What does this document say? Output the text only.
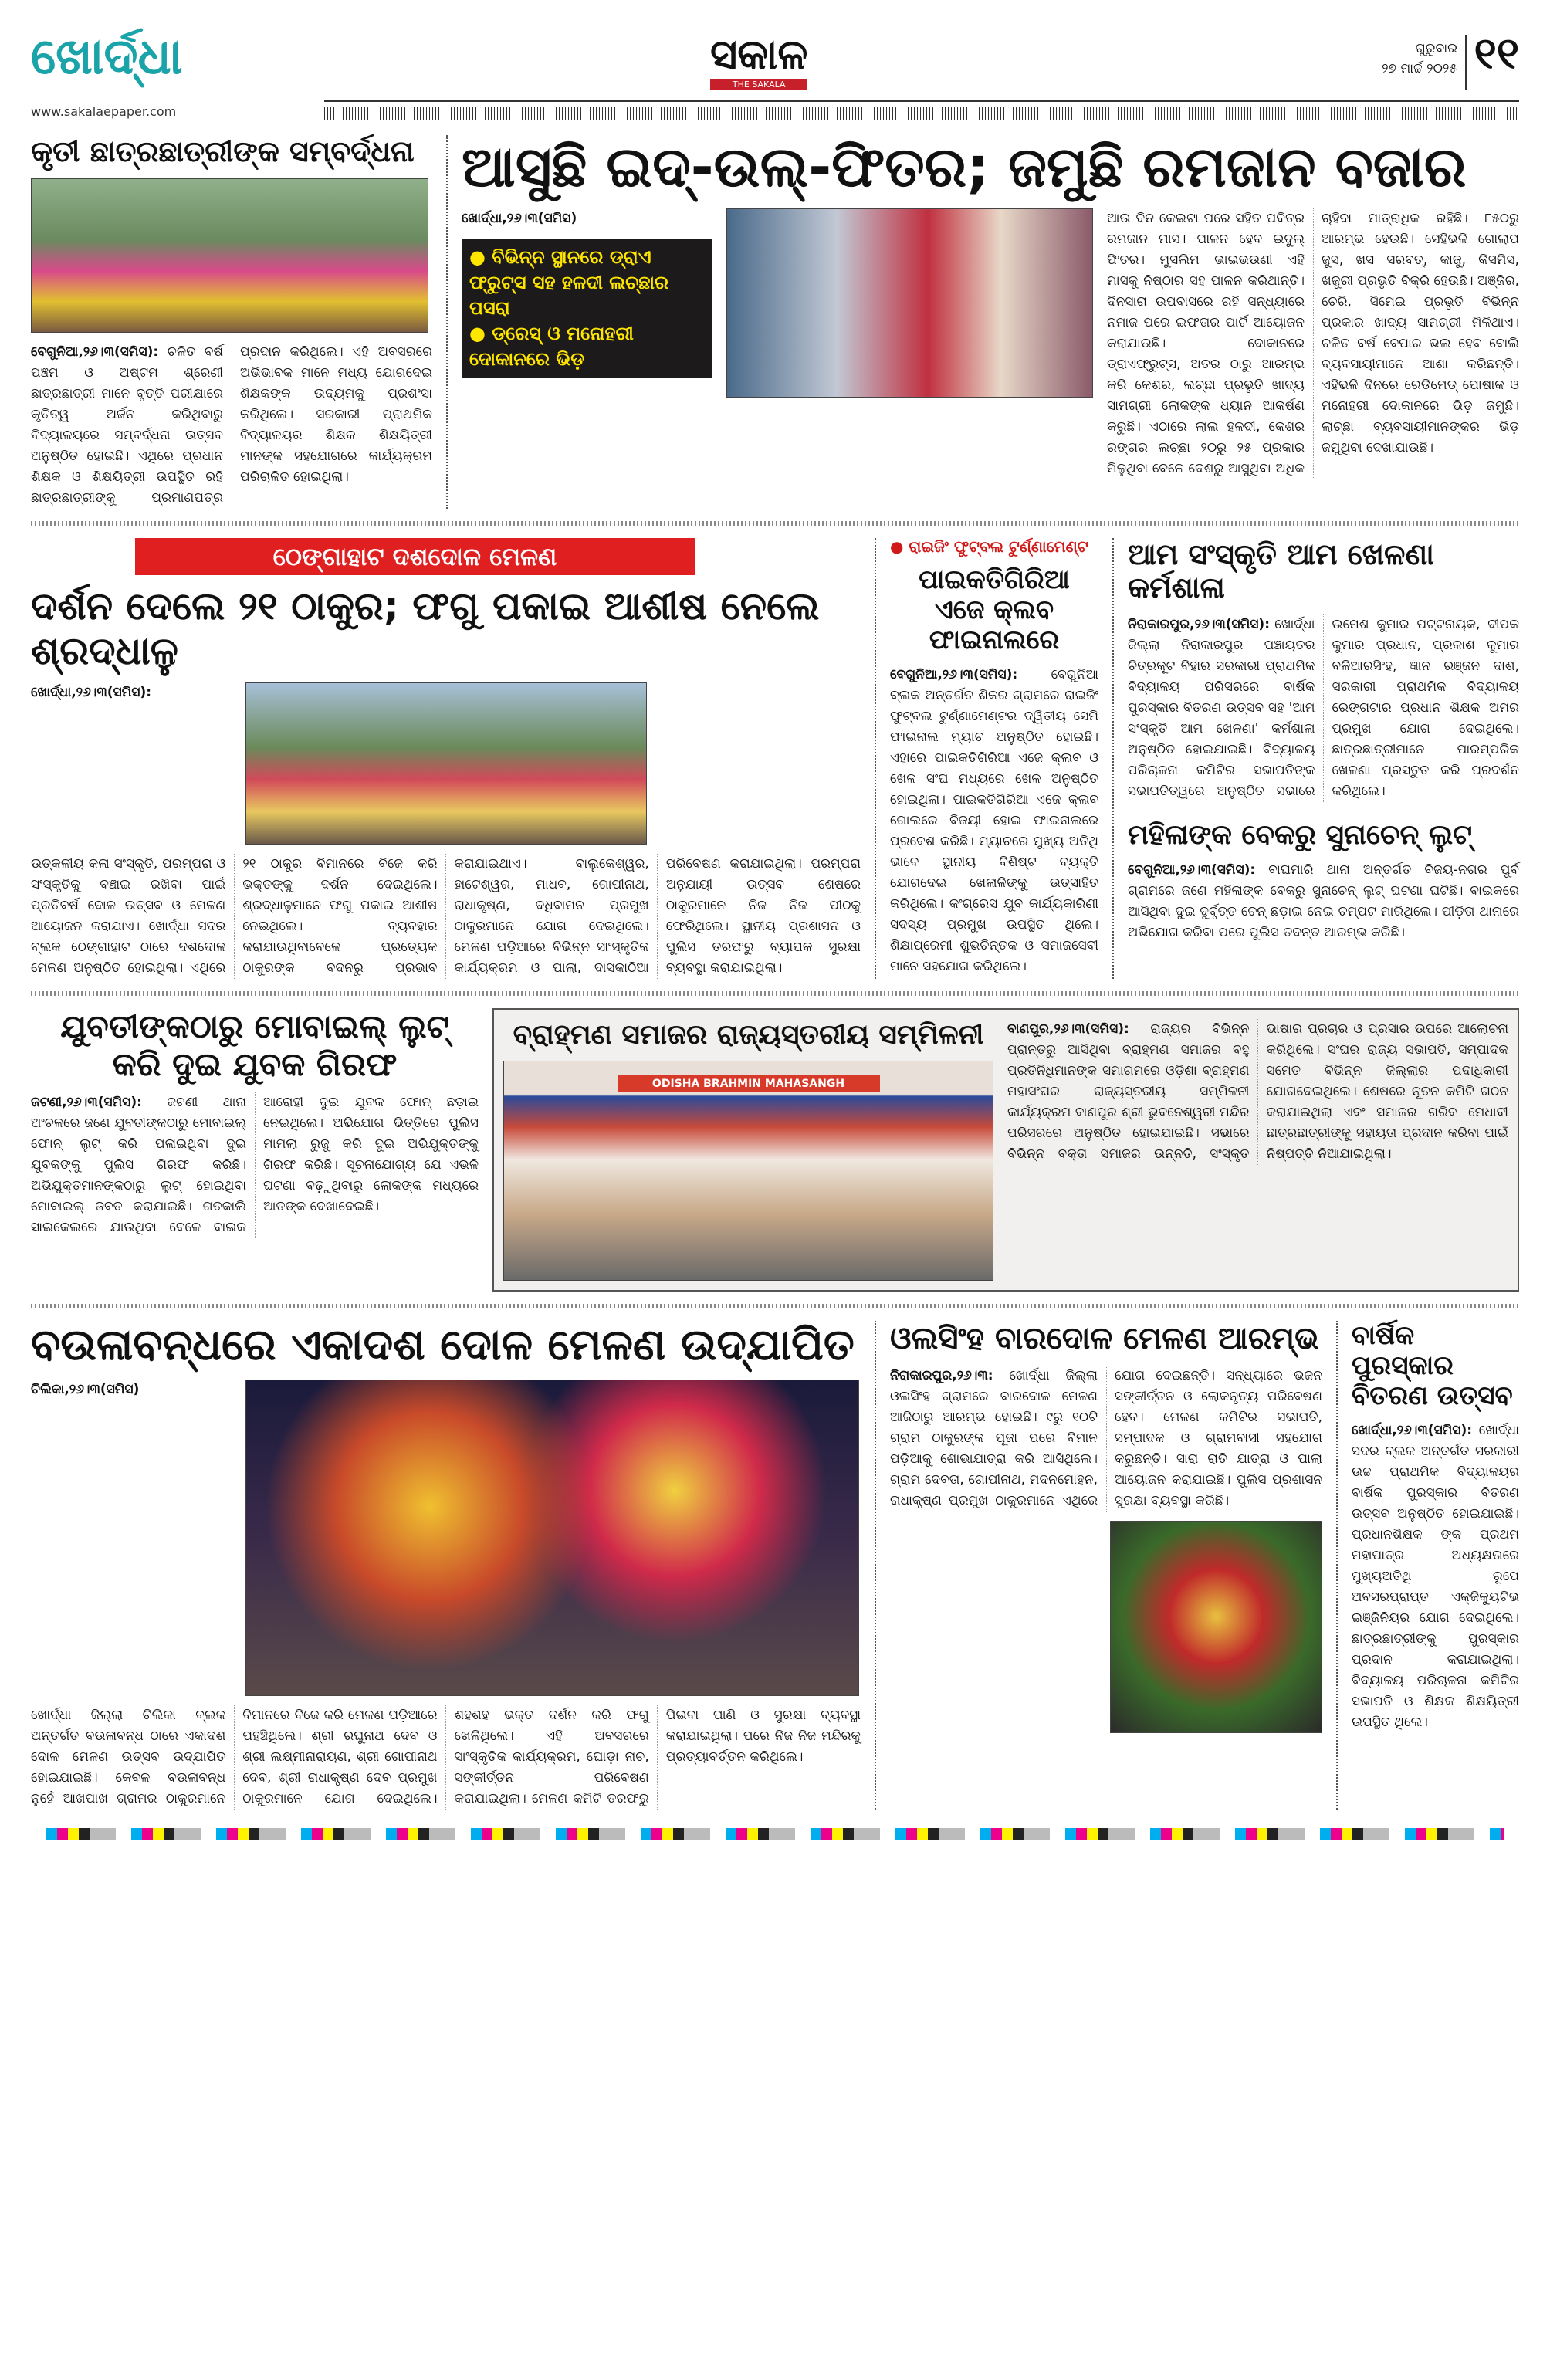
ଖୋର୍ଦ୍ଧା	ସକାଳ
THE SAKALA
ଗୁରୁବାର
୨୭ ମାର୍ଚ୍ଚ ୨୦୨୫ ୧୧
www.sakalaepaper.com
କୃତୀ ଛାତ୍ରଛାତ୍ରୀଙ୍କ ସମ୍ବର୍ଦ୍ଧନା
ବେଗୁନିଆ,୨୬।୩(ସମିସ): ଚଳିତ ବର୍ଷ ପଞ୍ଚମ ଓ ଅଷ୍ଟମ ଶ୍ରେଣୀ ଛାତ୍ରଛାତ୍ରୀ ମାନେ ବୃତ୍ତି ପରୀକ୍ଷାରେ କୃତିତ୍ୱ ଅର୍ଜନ କରିଥିବାରୁ ବିଦ୍ୟାଳୟରେ ସମ୍ବର୍ଦ୍ଧନା ଉତ୍ସବ ଅନୁଷ୍ଠିତ ହୋଇଛି। ଏଥିରେ ପ୍ରଧାନ ଶିକ୍ଷକ ଓ ଶିକ୍ଷୟିତ୍ରୀ ଉପସ୍ଥିତ ରହି ଛାତ୍ରଛାତ୍ରୀଙ୍କୁ ପ୍ରମାଣପତ୍ର ପ୍ରଦାନ କରିଥିଲେ। ଏହି ଅବସରରେ ଅଭିଭାବକ ମାନେ ମଧ୍ୟ ଯୋଗଦେଇ ଶିକ୍ଷକଙ୍କ ଉଦ୍ୟମକୁ ପ୍ରଶଂସା କରିଥିଲେ। ସରକାରୀ ପ୍ରାଥମିକ ବିଦ୍ୟାଳୟର ଶିକ୍ଷକ ଶିକ୍ଷୟିତ୍ରୀ ମାନଙ୍କ ସହଯୋଗରେ କାର୍ଯ୍ୟକ୍ରମ ପରିଚାଳିତ ହୋଇଥିଲା।
ଆସୁଛି ଇଦ୍-ଉଲ୍-ଫିତର; ଜମୁଛି ରମଜାନ ବଜାର
ଖୋର୍ଦ୍ଧା,୨୬।୩(ସମିସ)
● ବିଭିନ୍ନ ସ୍ଥାନରେ ଡ୍ରାଏ ଫ୍ରୁଟ୍ସ ସହ ହଳଦୀ ଲଚ୍ଛାର ପସରା
● ଡ୍ରେସ୍ ଓ ମନୋହରୀ ଦୋକାନରେ ଭିଡ଼
ଆଉ ଦିନ କେଇଟା ପରେ ସହିତ ପବିତ୍ର ରମଜାନ ମାସ। ପାଳନ ହେବ ଇଦୁଲ୍ ଫିତର। ମୁସଲିମ ଭାଇଭଉଣୀ ଏହି ମାସକୁ ନିଷ୍ଠାର ସହ ପାଳନ କରିଥାନ୍ତି। ଦିନସାରା ଉପବାସରେ ରହି ସନ୍ଧ୍ୟାରେ ନମାଜ ପରେ ଇଫତାର ପାର୍ଟି ଆୟୋଜନ କରାଯାଉଛି। ଦୋକାନରେ ଡ୍ରାଏଫ୍ରୁଟ୍ସ, ଅତର ଠାରୁ ଆରମ୍ଭ କରି କେଶର, ଲଚ୍ଛା ପ୍ରଭୃତି ଖାଦ୍ୟ ସାମଗ୍ରୀ ଲୋକଙ୍କ ଧ୍ୟାନ ଆକର୍ଷଣ କରୁଛି। ଏଠାରେ ଲାଲ ହଳଦୀ, କେଶର ରଙ୍ଗର ଲଚ୍ଛା ୨୦ରୁ ୨୫ ପ୍ରକାର ମିଳୁଥିବା ବେଳେ ଦେଶରୁ ଆସୁଥିବା ଅଧିକ ଚାହିଦା ମାତ୍ରାଧିକ ରହିଛି। ୮୫୦ରୁ ଆରମ୍ଭ ହେଉଛି। ସେହିଭଳି ଗୋଲାପ ଜୁସ, ଖସ ସରବତ୍, କାଜୁ, କିସମିସ, ଖଜୁରୀ ପ୍ରଭୃତି ବିକ୍ରି ହେଉଛି। ଅଞ୍ଜିର, ଚେରି, ସିମେଇ ପ୍ରଭୃତି ବିଭିନ୍ନ ପ୍ରକାର ଖାଦ୍ୟ ସାମଗ୍ରୀ ମିଳିଥାଏ। ଚଳିତ ବର୍ଷ ବେପାର ଭଲ ହେବ ବୋଲି ବ୍ୟବସାୟୀମାନେ ଆଶା କରିଛନ୍ତି। ଏହିଭଳି ଦିନରେ ରେଡିମେଡ୍ ପୋଷାକ ଓ ମନୋହରୀ ଦୋକାନରେ ଭିଡ଼ ଜମୁଛି। ଲାଚ୍ଛା ବ୍ୟବସାୟୀମାନଙ୍କର ଭିଡ଼ ଜମୁଥିବା ଦେଖାଯାଉଛି।
ଠେଙ୍ଗାହାଟ ଦଶଦୋଳ ମେଳଣ
ଦର୍ଶନ ଦେଲେ ୨୧ ଠାକୁର; ଫଗୁ ପକାଇ ଆଶୀଷ ନେଲେ ଶ୍ରଦ୍ଧାଳୁ
ଖୋର୍ଦ୍ଧା,୨୬।୩(ସମିସ):
ଉତ୍କଳୀୟ କଳା ସଂସ୍କୃତି, ପରମ୍ପରା ଓ ସଂସ୍କୃତିକୁ ବଞ୍ଚାଇ ରଖିବା ପାଇଁ ପ୍ରତିବର୍ଷ ଦୋଳ ଉତ୍ସବ ଓ ମେଳଣ ଆୟୋଜନ କରାଯାଏ। ଖୋର୍ଦ୍ଧା ସଦର ବ୍ଲକ ଠେଙ୍ଗାହାଟ ଠାରେ ଦଶଦୋଳ ମେଳଣ ଅନୁଷ୍ଠିତ ହୋଇଥିଲା। ଏଥିରେ ୨୧ ଠାକୁର ବିମାନରେ ବିଜେ କରି ଭକ୍ତଙ୍କୁ ଦର୍ଶନ ଦେଇଥିଲେ। ଶ୍ରଦ୍ଧାଳୁମାନେ ଫଗୁ ପକାଇ ଆଶୀଷ ନେଇଥିଲେ। ବ୍ୟବହାର କରାଯାଉଥିବାବେଳେ ପ୍ରତ୍ୟେକ ଠାକୁରଙ୍କ ବଦନରୁ ପ୍ରଭାବ କରାଯାଇଥାଏ। ବାଲୁକେଶ୍ୱର, ହାଟେଶ୍ୱର, ମାଧବ, ଗୋପୀନାଥ, ରାଧାକୃଷ୍ଣ, ଦଧିବାମନ ପ୍ରମୁଖ ଠାକୁରମାନେ ଯୋଗ ଦେଇଥିଲେ। ମେଳଣ ପଡ଼ିଆରେ ବିଭିନ୍ନ ସାଂସ୍କୃତିକ କାର୍ଯ୍ୟକ୍ରମ ଓ ପାଲା, ଦାସକାଠିଆ ପରିବେଷଣ କରାଯାଇଥିଲା। ପରମ୍ପରା ଅନୁଯାୟୀ ଉତ୍ସବ ଶେଷରେ ଠାକୁରମାନେ ନିଜ ନିଜ ପୀଠକୁ ଫେରିଥିଲେ। ସ୍ଥାନୀୟ ପ୍ରଶାସନ ଓ ପୁଲିସ ତରଫରୁ ବ୍ୟାପକ ସୁରକ୍ଷା ବ୍ୟବସ୍ଥା କରାଯାଇଥିଲା।
● ରାଇଜିଂ ଫୁଟ୍‌ବଲ ଟୁର୍ଣ୍ଣାମେଣ୍ଟ
ପାଇକତିଗିରିଆ ଏଜେ କ୍ଲବ ଫାଇନାଲରେ
ବେଗୁନିଆ,୨୬।୩(ସମିସ):	ବେଗୁନିଆ ବ୍ଲକ ଅନ୍ତର୍ଗତ ଶିକର ଗ୍ରାମରେ ରାଇଜିଂ ଫୁଟ୍‌ବଲ ଟୁର୍ଣ୍ଣାମେଣ୍ଟର ଦ୍ୱିତୀୟ ସେମି ଫାଇନାଲ ମ୍ୟାଚ ଅନୁଷ୍ଠିତ ହୋଇଛି। ଏହାରେ ପାଇକତିଗିରିଆ ଏଜେ କ୍ଲବ ଓ ଖେଳ ସଂଘ ମଧ୍ୟରେ ଖେଳ ଅନୁଷ୍ଠିତ ହୋଇଥିଲା। ପାଇକତିଗିରିଆ ଏଜେ କ୍ଲବ ଗୋଲରେ ବିଜୟୀ ହୋଇ ଫାଇନାଲରେ ପ୍ରବେଶ କରିଛି। ମ୍ୟାଚରେ ମୁଖ୍ୟ ଅତିଥି ଭାବେ ସ୍ଥାନୀୟ ବିଶିଷ୍ଟ ବ୍ୟକ୍ତି ଯୋଗଦେଇ ଖେଳାଳିଙ୍କୁ ଉତ୍ସାହିତ କରିଥିଲେ। କଂଗ୍ରେସ ଯୁବ କାର୍ଯ୍ୟକାରିଣୀ ସଦସ୍ୟ ପ୍ରମୁଖ ଉପସ୍ଥିତ ଥିଲେ। ଶିକ୍ଷାପ୍ରେମୀ ଶୁଭଚିନ୍ତକ ଓ ସମାଜସେବୀ ମାନେ ସହଯୋଗ କରିଥିଲେ।
ଆମ ସଂସ୍କୃତି ଆମ ଖେଳଣା କର୍ମଶାଳା
ନିରାକାରପୁର,୨୬।୩(ସମିସ): ଖୋର୍ଦ୍ଧା ଜିଲ୍ଲା ନିରାକାରପୁର ପଞ୍ଚାୟତର ଚିତ୍ରକୂଟ ବିହାର ସରକାରୀ ପ୍ରାଥମିକ ବିଦ୍ୟାଳୟ ପରିସରରେ ବାର୍ଷିକ ପୁରସ୍କାର ବିତରଣ ଉତ୍ସବ ସହ 'ଆମ ସଂସ୍କୃତି ଆମ ଖେଳଣା' କର୍ମଶାଳା ଅନୁଷ୍ଠିତ ହୋଇଯାଇଛି। ବିଦ୍ୟାଳୟ ପରିଚାଳନା କମିଟିର ସଭାପତିଙ୍କ ସଭାପତିତ୍ୱରେ ଅନୁଷ୍ଠିତ ସଭାରେ ଉମେଶ କୁମାର ପଟ୍ଟନାୟକ, ଦୀପକ କୁମାର ପ୍ରଧାନ, ପ୍ରକାଶ କୁମାର ବଳିଆରସିଂହ, ଜ୍ଞାନ ରଞ୍ଜନ ଦାଶ, ସରକାରୀ ପ୍ରାଥମିକ ବିଦ୍ୟାଳୟ ରେଙ୍ଗଟାର ପ୍ରଧାନ ଶିକ୍ଷକ ଅମର ପ୍ରମୁଖ ଯୋଗ ଦେଇଥିଲେ। ଛାତ୍ରଛାତ୍ରୀମାନେ ପାରମ୍ପରିକ ଖେଳଣା ପ୍ରସ୍ତୁତ କରି ପ୍ରଦର୍ଶନ କରିଥିଲେ।
ମହିଳାଙ୍କ ବେକରୁ ସୁନାଚେନ୍ ଲୁଟ୍
ବେଗୁନିଆ,୨୬।୩(ସମିସ): ବାଘମାରି ଥାନା ଅନ୍ତର୍ଗତ ବିଜୟ-ନଗର ପୁର୍ବ ଗ୍ରାମରେ ଜଣେ ମହିଳାଙ୍କ ବେକରୁ ସୁନାଚେନ୍ ଲୁଟ୍ ଘଟଣା ଘଟିଛି। ବାଇକରେ ଆସିଥିବା ଦୁଇ ଦୁର୍ବୃତ୍ତ ଚେନ୍ ଛଡ଼ାଇ ନେଇ ଚମ୍ପଟ ମାରିଥିଲେ। ପୀଡ଼ିତା ଥାନାରେ ଅଭିଯୋଗ କରିବା ପରେ ପୁଲିସ ତଦନ୍ତ ଆରମ୍ଭ କରିଛି।
ଯୁବତୀଙ୍କଠାରୁ ମୋବାଇଲ୍ ଲୁଟ୍ କରି ଦୁଇ ଯୁବକ ଗିରଫ
ଜଟଣୀ,୨୬।୩(ସମିସ): ଜଟଣୀ ଥାନା ଅଂଚଳରେ ଜଣେ ଯୁବତୀଙ୍କଠାରୁ ମୋବାଇଲ୍ ଫୋନ୍ ଲୁଟ୍ କରି ପଳାଇଥିବା ଦୁଇ ଯୁବକଙ୍କୁ ପୁଲିସ ଗିରଫ କରିଛି। ଅଭିଯୁକ୍ତମାନଙ୍କଠାରୁ ଲୁଟ୍ ହୋଇଥିବା ମୋବାଇଲ୍ ଜବତ କରାଯାଇଛି। ଗତକାଲି ସାଇକେଲରେ ଯାଉଥିବା ବେଳେ ବାଇକ ଆରୋହୀ ଦୁଇ ଯୁବକ ଫୋନ୍ ଛଡ଼ାଇ ନେଇଥିଲେ। ଅଭିଯୋଗ ଭିତ୍ତିରେ ପୁଲିସ ମାମଲା ରୁଜୁ କରି ଦୁଇ ଅଭିଯୁକ୍ତଙ୍କୁ ଗିରଫ କରିଛି। ସୂଚନାଯୋଗ୍ୟ ଯେ ଏଭଳି ଘଟଣା ବଢ଼ୁଥିବାରୁ ଲୋକଙ୍କ ମଧ୍ୟରେ ଆତଙ୍କ ଦେଖାଦେଇଛି।
ବ୍ରାହ୍ମଣ ସମାଜର ରାଜ୍ୟସ୍ତରୀୟ ସମ୍ମିଳନୀ
ODISHA BRAHMIN MAHASANGH
ବାଣପୁର,୨୬।୩(ସମିସ): ରାଜ୍ୟର ବିଭିନ୍ନ ପ୍ରାନ୍ତରୁ ଆସିଥିବା ବ୍ରାହ୍ମଣ ସମାଜର ବହୁ ପ୍ରତିନିଧିମାନଙ୍କ ସମାଗମରେ ଓଡ଼ିଶା ବ୍ରାହ୍ମଣ ମହାସଂଘର ରାଜ୍ୟସ୍ତରୀୟ ସମ୍ମିଳନୀ କାର୍ଯ୍ୟକ୍ରମ ବାଣପୁର ଶ୍ରୀ ଭୁବନେଶ୍ୱରୀ ମନ୍ଦିର ପରିସରରେ ଅନୁଷ୍ଠିତ ହୋଇଯାଇଛି। ସଭାରେ ବିଭିନ୍ନ ବକ୍ତା ସମାଜର ଉନ୍ନତି, ସଂସ୍କୃତ ଭାଷାର ପ୍ରଚାର ଓ ପ୍ରସାର ଉପରେ ଆଲୋଚନା କରିଥିଲେ। ସଂଘର ରାଜ୍ୟ ସଭାପତି, ସମ୍ପାଦକ ସମେତ ବିଭିନ୍ନ ଜିଲ୍ଲାର ପଦାଧିକାରୀ ଯୋଗଦେଇଥିଲେ। ଶେଷରେ ନୂତନ କମିଟି ଗଠନ କରାଯାଇଥିଲା ଏବଂ ସମାଜର ଗରିବ ମେଧାବୀ ଛାତ୍ରଛାତ୍ରୀଙ୍କୁ ସହାୟତା ପ୍ରଦାନ କରିବା ପାଇଁ ନିଷ୍ପତ୍ତି ନିଆଯାଇଥିଲା।
ବଉଳାବନ୍ଧରେ ଏକାଦଶ ଦୋଳ ମେଳଣ ଉଦ୍‌ଯାପିତ
ଚିଲିକା,୨୬।୩(ସମିସ)
ଖୋର୍ଦ୍ଧା ଜିଲ୍ଲା ଚିଲିକା ବ୍ଲକ ଅନ୍ତର୍ଗତ ବଉଳାବନ୍ଧ ଠାରେ ଏକାଦଶ ଦୋଳ ମେଳଣ ଉତ୍ସବ ଉଦ୍‌ଯାପିତ ହୋଇଯାଇଛି। କେବଳ ବଉଳାବନ୍ଧ ନୁହେଁ ଆଖପାଖ ଗ୍ରାମର ଠାକୁରମାନେ ବିମାନରେ ବିଜେ କରି ମେଳଣ ପଡ଼ିଆରେ ପହଞ୍ଚିଥିଲେ। ଶ୍ରୀ ରଘୁନାଥ ଦେବ ଓ ଶ୍ରୀ ଲକ୍ଷ୍ମୀନାରାୟଣ, ଶ୍ରୀ ଗୋପୀନାଥ ଦେବ, ଶ୍ରୀ ରାଧାକୃଷ୍ଣ ଦେବ ପ୍ରମୁଖ ଠାକୁରମାନେ ଯୋଗ ଦେଇଥିଲେ। ଶହଶହ ଭକ୍ତ ଦର୍ଶନ କରି ଫଗୁ ଖେଳିଥିଲେ। ଏହି ଅବସରରେ ସାଂସ୍କୃତିକ କାର୍ଯ୍ୟକ୍ରମ, ଘୋଡ଼ା ନାଚ, ସଙ୍କୀର୍ତ୍ତନ ପରିବେଷଣ କରାଯାଇଥିଲା। ମେଳଣ କମିଟି ତରଫରୁ ପିଇବା ପାଣି ଓ ସୁରକ୍ଷା ବ୍ୟବସ୍ଥା କରାଯାଇଥିଲା। ପରେ ନିଜ ନିଜ ମନ୍ଦିରକୁ ପ୍ରତ୍ୟାବର୍ତ୍ତନ କରିଥିଲେ।
ଓଲସିଂହ ବାରଦୋଳ ମେଳଣ ଆରମ୍ଭ
ନିରାକାରପୁର,୨୬।୩: ଖୋର୍ଦ୍ଧା ଜିଲ୍ଲା ଓଲସିଂହ ଗ୍ରାମରେ ବାରଦୋଳ ମେଳଣ ଆଜିଠାରୁ ଆରମ୍ଭ ହୋଇଛି। ୯ରୁ ୧୦ଟି ଗ୍ରାମ ଠାକୁରଙ୍କ ପୂଜା ପରେ ବିମାନ ପଡ଼ିଆକୁ ଶୋଭାଯାତ୍ରା କରି ଆସିଥିଲେ। ଗ୍ରାମ ଦେବତା, ଗୋପୀନାଥ, ମଦନମୋହନ, ରାଧାକୃଷ୍ଣ ପ୍ରମୁଖ ଠାକୁରମାନେ ଏଥିରେ ଯୋଗ ଦେଇଛନ୍ତି। ସନ୍ଧ୍ୟାରେ ଭଜନ ସଙ୍କୀର୍ତ୍ତନ ଓ ଲୋକନୃତ୍ୟ ପରିବେଷଣ ହେବ। ମେଳଣ କମିଟିର ସଭାପତି, ସମ୍ପାଦକ ଓ ଗ୍ରାମବାସୀ ସହଯୋଗ କରୁଛନ୍ତି। ସାରା ରାତି ଯାତ୍ରା ଓ ପାଲା ଆୟୋଜନ କରାଯାଇଛି। ପୁଲିସ ପ୍ରଶାସନ ସୁରକ୍ଷା ବ୍ୟବସ୍ଥା କରିଛି।
ବାର୍ଷିକ ପୁରସ୍କାର ବିତରଣ ଉତ୍ସବ
ଖୋର୍ଦ୍ଧା,୨୬।୩(ସମିସ): ଖୋର୍ଦ୍ଧା ସଦର ବ୍ଲକ ଅନ୍ତର୍ଗତ ସରକାରୀ ଉଚ୍ଚ ପ୍ରାଥମିକ ବିଦ୍ୟାଳୟର ବାର୍ଷିକ ପୁରସ୍କାର ବିତରଣ ଉତ୍ସବ ଅନୁଷ୍ଠିତ ହୋଇଯାଇଛି। ପ୍ରଧାନଶିକ୍ଷକ ଙ୍କ ପ୍ରଥମ ମହାପାତ୍ର ଅଧ୍ୟକ୍ଷତାରେ ମୁଖ୍ୟଅତିଥି ରୂପେ ଅବସରପ୍ରାପ୍ତ ଏକ୍‌ଜିକ୍ୟୁଟିଭ ଇଞ୍ଜିନିୟର ଯୋଗ ଦେଇଥିଲେ। ଛାତ୍ରଛାତ୍ରୀଙ୍କୁ ପୁରସ୍କାର ପ୍ରଦାନ କରାଯାଇଥିଲା। ବିଦ୍ୟାଳୟ ପରିଚାଳନା କମିଟିର ସଭାପତି ଓ ଶିକ୍ଷକ ଶିକ୍ଷୟିତ୍ରୀ ଉପସ୍ଥିତ ଥିଲେ।
